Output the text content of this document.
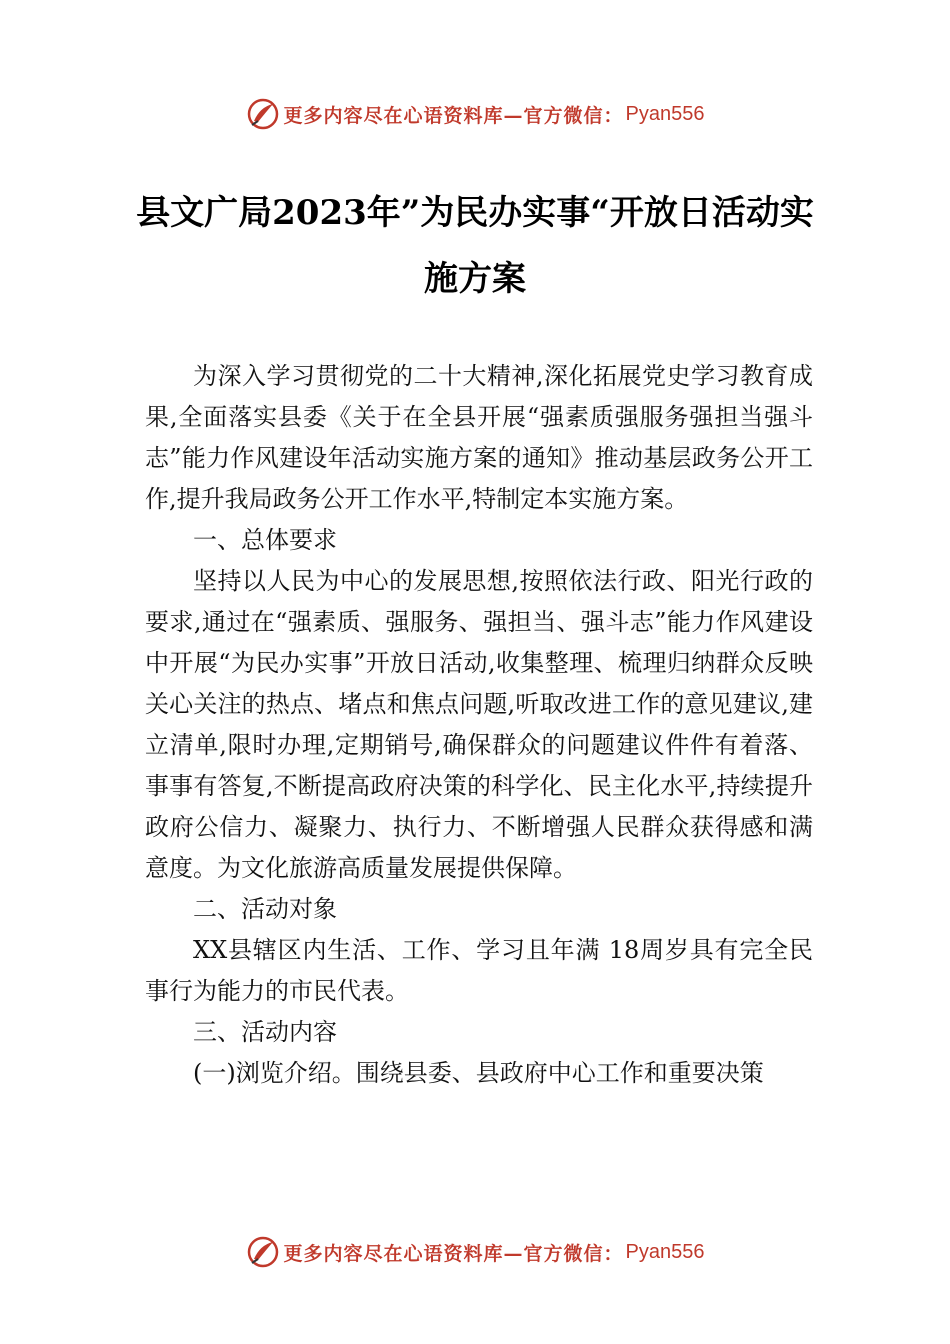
更多内容尽在心语资料库—官方微信： Pyan556
县文广局2023年”为民办实事“开放日活动实施方案

为深入学习贯彻党的二十大精神,深化拓展党史学习教育成果,全面落实县委《关于在全县开展“强素质强服务强担当强斗志”能力作风建设年活动实施方案的通知》推动基层政务公开工作,提升我局政务公开工作水平,特制定本实施方案。

一、总体要求

坚持以人民为中心的发展思想,按照依法行政、阳光行政的要求,通过在“强素质、强服务、强担当、强斗志”能力作风建设中开展“为民办实事”开放日活动,收集整理、梳理归纳群众反映关心关注的热点、堵点和焦点问题,听取改进工作的意见建议,建立清单,限时办理,定期销号,确保群众的问题建议件件有着落、事事有答复,不断提高政府决策的科学化、民主化水平,持续提升政府公信力、凝聚力、执行力、不断增强人民群众获得感和满意度。为文化旅游高质量发展提供保障。

二、活动对象

XX县辖区内生活、工作、学习且年满 18周岁具有完全民事行为能力的市民代表。

三、活动内容

(一)浏览介绍。围绕县委、县政府中心工作和重要决策

更多内容尽在心语资料库—官方微信： Pyan556
